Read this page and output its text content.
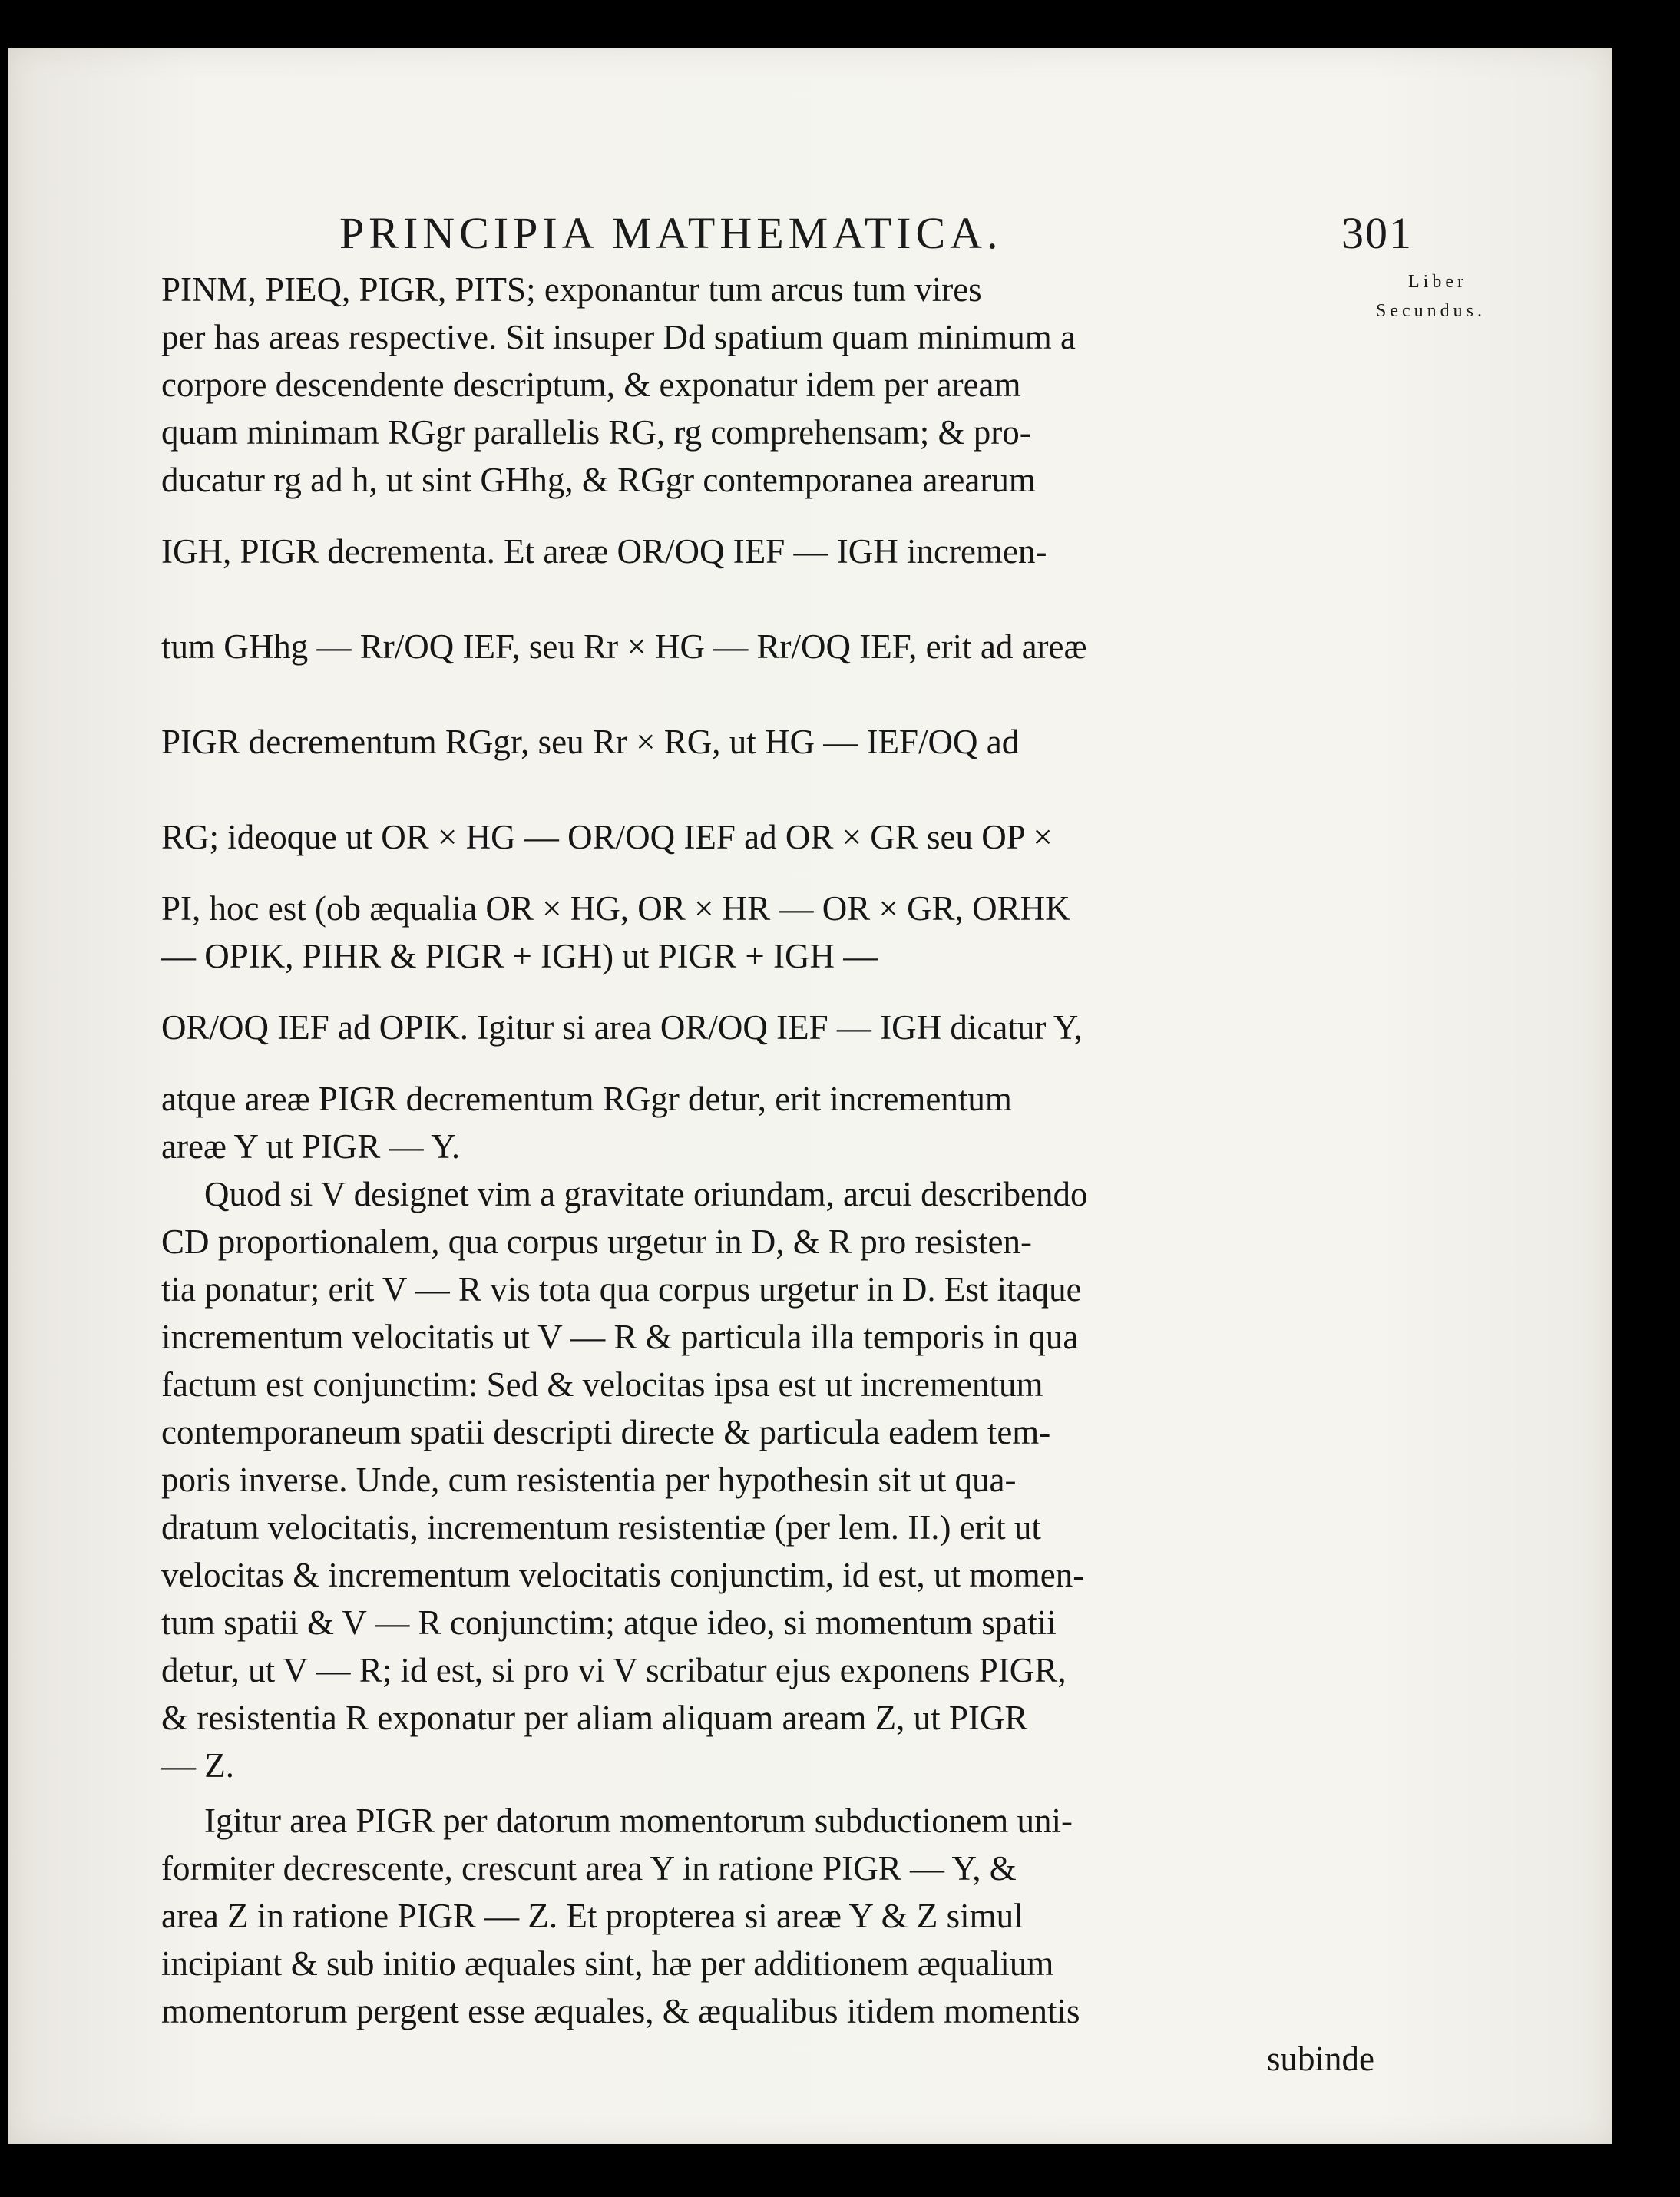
PRINCIPIA MATHEMATICA.	301
Liber
Secundus.
PINM, PIEQ, PIGR, PITS; exponantur tum arcus tum vires
per has areas respective. Sit insuper Dd spatium quam minimum a
corpore descendente descriptum, & exponatur idem per aream
quam minimam RGgr parallelis RG, rg comprehensam; & pro-
ducatur rg ad h, ut sint GHhg, & RGgr contemporanea arearum
IGH, PIGR decrementa. Et areæ OR/OQ IEF — IGH incremen-
tum GHhg — Rr/OQ IEF, seu Rr × HG — Rr/OQ IEF, erit ad areæ
PIGR decrementum RGgr, seu Rr × RG, ut HG — IEF/OQ ad
RG; ideoque ut OR × HG — OR/OQ IEF ad OR × GR seu OP ×
PI, hoc est (ob æqualia OR × HG, OR × HR — OR × GR, ORHK
— OPIK, PIHR & PIGR + IGH) ut PIGR + IGH —
OR/OQ IEF ad OPIK. Igitur si area OR/OQ IEF — IGH dicatur Y,
atque areæ PIGR decrementum RGgr detur, erit incrementum
areæ Y ut PIGR — Y.
Quod si V designet vim a gravitate oriundam, arcui describendo
CD proportionalem, qua corpus urgetur in D, & R pro resisten-
tia ponatur; erit V — R vis tota qua corpus urgetur in D. Est itaque
incrementum velocitatis ut V — R & particula illa temporis in qua
factum est conjunctim: Sed & velocitas ipsa est ut incrementum
contemporaneum spatii descripti directe & particula eadem tem-
poris inverse. Unde, cum resistentia per hypothesin sit ut qua-
dratum velocitatis, incrementum resistentiæ (per lem. II.) erit ut
velocitas & incrementum velocitatis conjunctim, id est, ut momen-
tum spatii & V — R conjunctim; atque ideo, si momentum spatii
detur, ut V — R; id est, si pro vi V scribatur ejus exponens PIGR,
& resistentia R exponatur per aliam aliquam aream Z, ut PIGR
— Z.
Igitur area PIGR per datorum momentorum subductionem uni-
formiter decrescente, crescunt area Y in ratione PIGR — Y, &
area Z in ratione PIGR — Z. Et propterea si areæ Y & Z simul
incipiant & sub initio æquales sint, hæ per additionem æqualium
momentorum pergent esse æquales, & æqualibus itidem momentis
subinde
